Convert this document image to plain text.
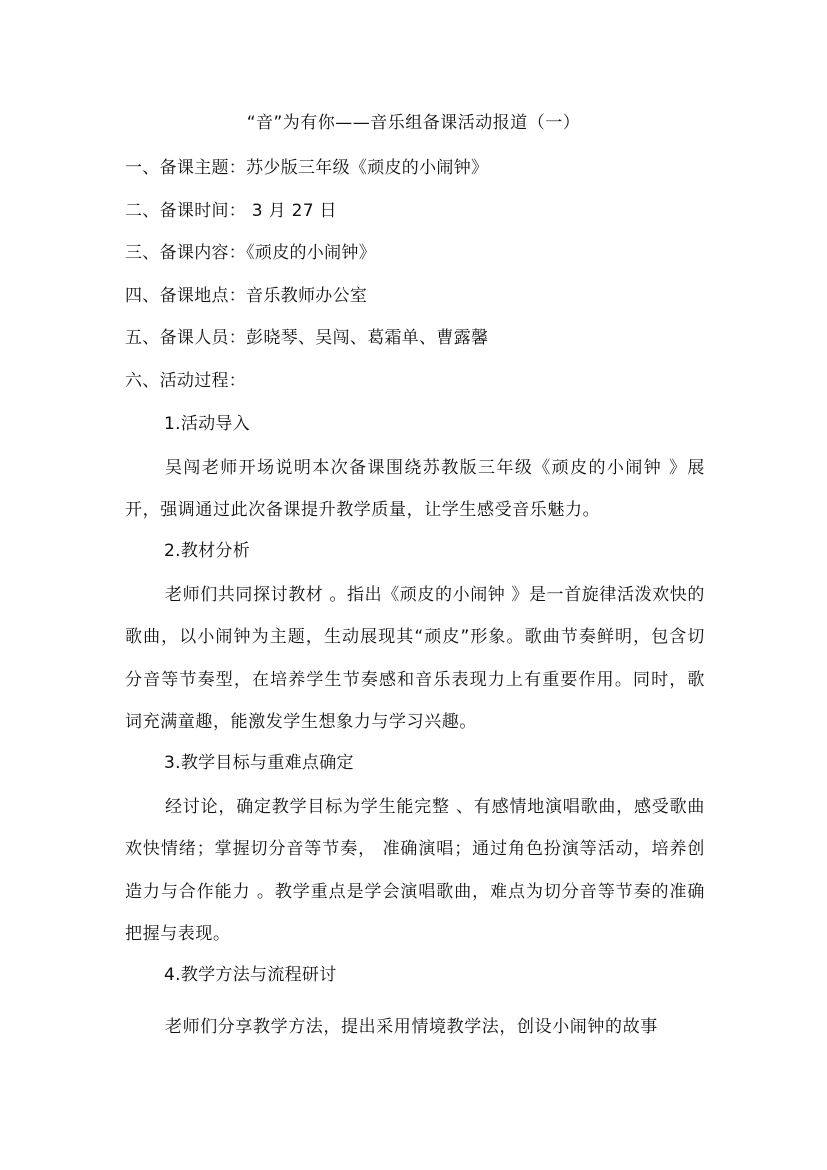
“音”为有你——音乐组备课活动报道（一）
一、备课主题：苏少版三年级《顽皮的小闹钟》
二、备课时间： 3 月 27 日
三、备课内容：《顽皮的小闹钟》
四、备课地点：音乐教师办公室
五、备课人员：彭晓琴、吴闯、葛霜单、曹露馨
六、活动过程：
1.活动导入

吴闯老师开场说明本次备课围绕苏教版三年级《顽皮的小闹钟 》展开，强调通过此次备课提升教学质量，让学生感受音乐魅力。

2.教材分析

老师们共同探讨教材 。指出《顽皮的小闹钟 》是一首旋律活泼欢快的歌曲，以小闹钟为主题，生动展现其“顽皮”形象。歌曲节奏鲜明，包含切分音等节奏型，在培养学生节奏感和音乐表现力上有重要作用。同时，歌词充满童趣，能激发学生想象力与学习兴趣。

3.教学目标与重难点确定

经讨论，确定教学目标为学生能完整 、有感情地演唱歌曲，感受歌曲欢快情绪；掌握切分音等节奏， 准确演唱；通过角色扮演等活动，培养创造力与合作能力 。教学重点是学会演唱歌曲，难点为切分音等节奏的准确把握与表现。

4.教学方法与流程研讨

老师们分享教学方法，提出采用情境教学法，创设小闹钟的故事
